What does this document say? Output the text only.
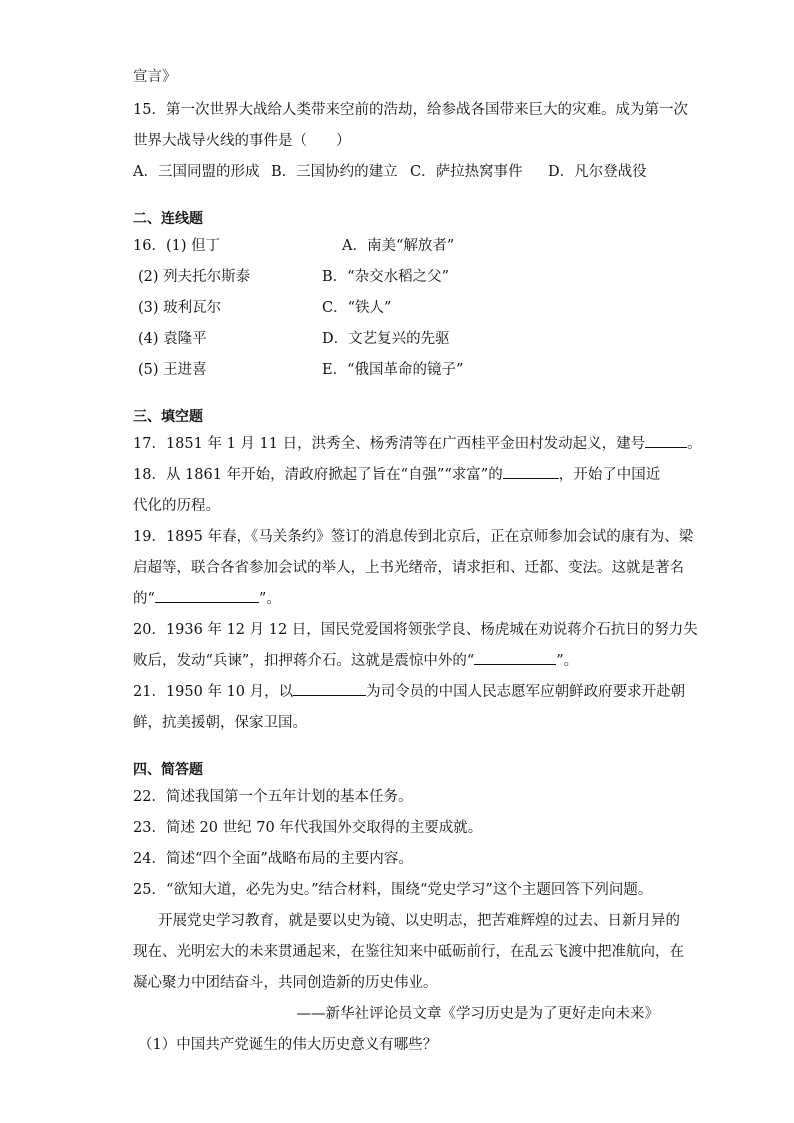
宣言》
15．第一次世界大战给人类带来空前的浩劫，给参战各国带来巨大的灾难。成为第一次
世界大战导火线的事件是（　　）
A．三国同盟的形成 B．三国协约的建立 C．萨拉热窝事件 D．凡尔登战役
二、连线题
16．(1) 但丁	A．南美“解放者”
(2) 列夫托尔斯泰	B．“杂交水稻之父”
(3) 玻利瓦尔	C．“铁人”
(4) 袁隆平	D．文艺复兴的先驱
(5) 王进喜	E．“俄国革命的镜子”
三、填空题
17．1851 年 1 月 11 日，洪秀全、杨秀清等在广西桂平金田村发动起义，建号	。
18．从 1861 年开始，清政府掀起了旨在“自强”“求富”的	，开始了中国近
代化的历程。
19．1895 年春，《马关条约》签订的消息传到北京后，正在京师参加会试的康有为、梁
启超等，联合各省参加会试的举人，上书光绪帝，请求拒和、迁都、变法。这就是著名
的“	”。
20．1936 年 12 月 12 日，国民党爱国将领张学良、杨虎城在劝说蒋介石抗日的努力失
败后，发动“兵谏”，扣押蒋介石。这就是震惊中外的“	”。
21．1950 年 10 月，以	为司令员的中国人民志愿军应朝鲜政府要求开赴朝
鲜，抗美援朝，保家卫国。
四、简答题
22．简述我国第一个五年计划的基本任务。
23．简述 20 世纪 70 年代我国外交取得的主要成就。
24．简述“四个全面”战略布局的主要内容。
25．“欲知大道，必先为史。”结合材料，围绕“党史学习”这个主题回答下列问题。
开展党史学习教育，就是要以史为镜、以史明志，把苦难辉煌的过去、日新月异的
现在、光明宏大的未来贯通起来，在鉴往知来中砥砺前行，在乱云飞渡中把准航向，在
凝心聚力中团结奋斗，共同创造新的历史伟业。
——新华社评论员文章《学习历史是为了更好走向未来》
（1）中国共产党诞生的伟大历史意义有哪些？
